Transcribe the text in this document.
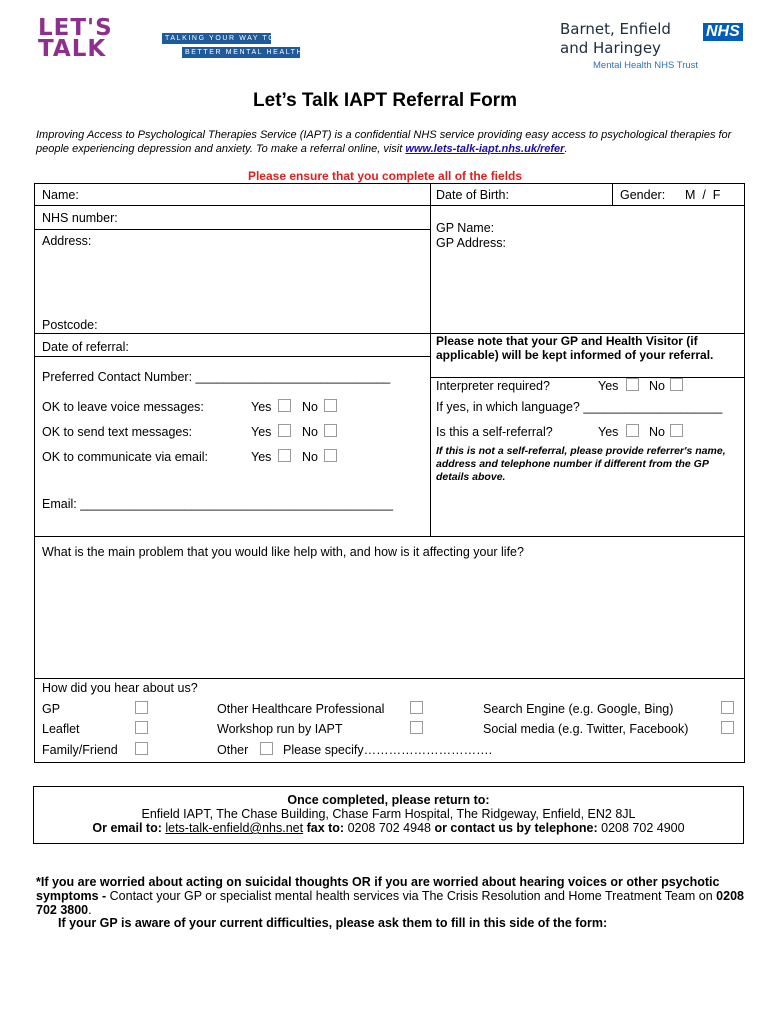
LET'S
TALK	TALKING YOUR WAY TO
BETTER MENTAL HEALTH
Barnet, Enfield
and Haringey
NHS
Mental Health NHS Trust
Let’s Talk IAPT Referral Form
Improving Access to Psychological Therapies Service (IAPT) is a confidential NHS service providing easy access to psychological therapies for people experiencing depression and anxiety. To make a referral online, visit www.lets-talk-iapt.nhs.uk/refer.
Please ensure that you complete all of the fields
Name:	Date of Birth:	Gender: M  /  F
NHS number:
Address:
GP Name:
GP Address:
Postcode:
Date of referral:	Please note that your GP and Health Visitor (if applicable) will be kept informed of your referral.
Preferred Contact Number: ____________________________
Interpreter required?	Yes No
OK to leave voice messages:	Yes No	If yes, in which language? ____________________
OK to send text messages:	Yes No	Is this a self-referral?	Yes No
OK to communicate via email:	Yes No	If this is not a self-referral, please provide referrer's name, address and telephone number if different from the GP details above.
Email: _____________________________________________
What is the main problem that you would like help with, and how is it affecting your life?
How did you hear about us?
GP	Other Healthcare Professional	Search Engine (e.g. Google, Bing)
Leaflet	Workshop run by IAPT	Social media (e.g. Twitter, Facebook)
Family/Friend	Other	Please specify………………………….
Once completed, please return to:
Enfield IAPT, The Chase Building, Chase Farm Hospital, The Ridgeway, Enfield, EN2 8JL
Or email to: lets-talk-enfield@nhs.net fax to: 0208 702 4948 or contact us by telephone: 0208 702 4900
*If you are worried about acting on suicidal thoughts OR if you are worried about hearing voices or other psychotic symptoms - Contact your GP or specialist mental health services via The Crisis Resolution and Home Treatment Team on 0208 702 3800.
If your GP is aware of your current difficulties, please ask them to fill in this side of the form:
